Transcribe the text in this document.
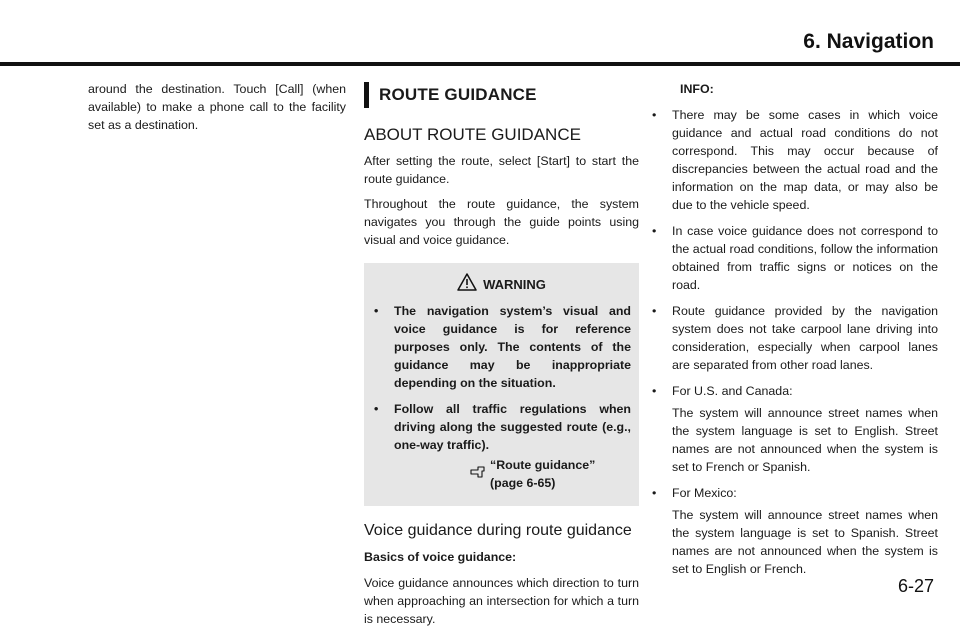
6. Navigation

around the destination. Touch [Call] (when available) to make a phone call to the facility set as a destination.

ROUTE GUIDANCE
ABOUT ROUTE GUIDANCE

After setting the route, select [Start] to start the route guidance.

Throughout the route guidance, the system navigates you through the guide points using visual and voice guidance.

WARNING
•	The navigation system’s visual and voice guidance is for reference purposes only. The contents of the guidance may be inappropriate depending on the situation.
•	Follow all traffic regulations when driving along the suggested route (e.g., one-way traffic).
“Route guidance” (page 6-65)
Voice guidance during route guidance
Basics of voice guidance:

Voice guidance announces which direction to turn when approaching an intersection for which a turn is necessary.

INFO:
•	There may be some cases in which voice guidance and actual road conditions do not correspond. This may occur because of discrepancies between the actual road and the information on the map data, or may also be due to the vehicle speed.
•	In case voice guidance does not correspond to the actual road conditions, follow the information obtained from traffic signs or notices on the road.
•	Route guidance provided by the navigation system does not take carpool lane driving into consideration, especially when carpool lanes are separated from other road lanes.
•	For U.S. and Canada:
The system will announce street names when the system language is set to English. Street names are not announced when the system is set to French or Spanish.
•	For Mexico:
The system will announce street names when the system language is set to Spanish. Street names are not announced when the system is set to English or French.
6-27
